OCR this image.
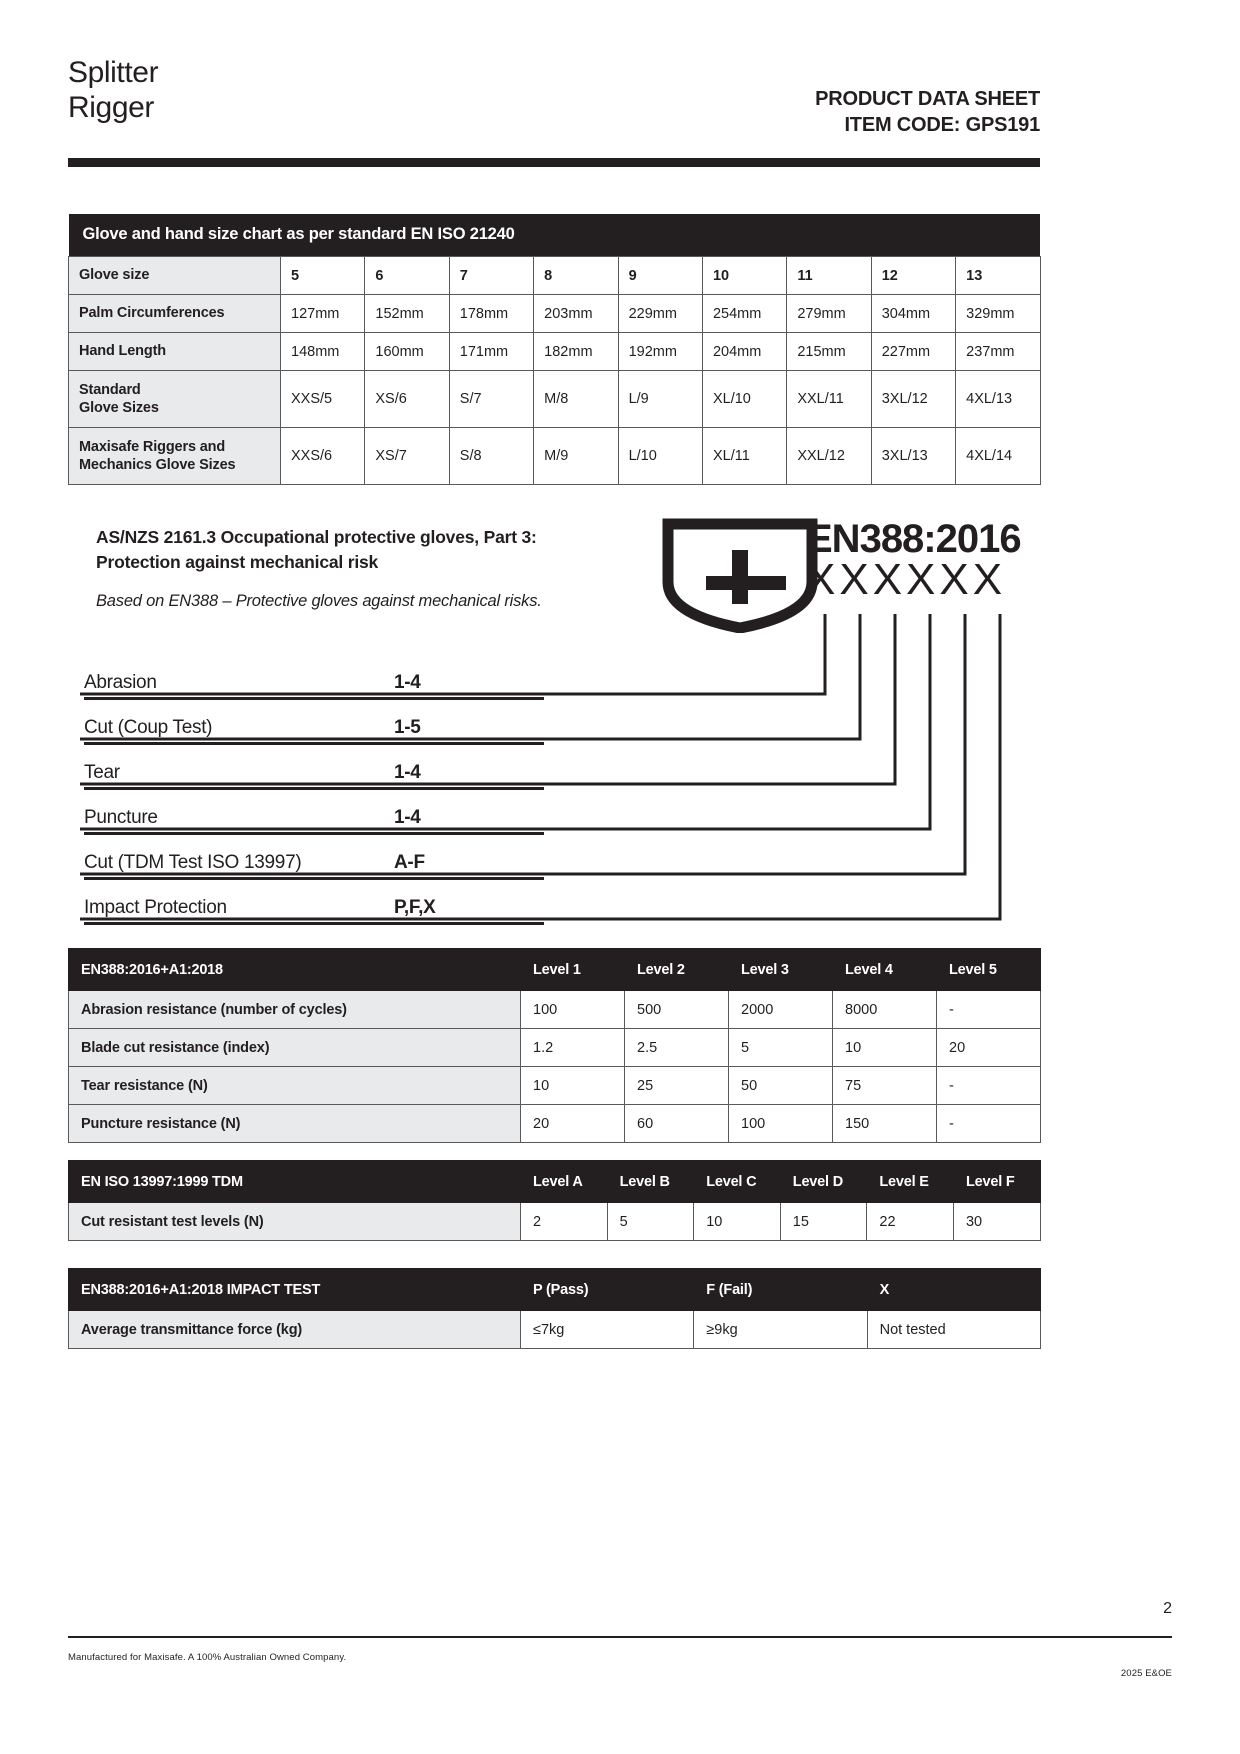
Splitter
Rigger	PRODUCT DATA SHEET
ITEM CODE: GPS191
Glove and hand size chart as per standard EN ISO 21240									
Glove size	5	6	7	8	9	10	11	12	13
Palm Circumferences	127mm	152mm	178mm	203mm	229mm	254mm	279mm	304mm	329mm
Hand Length	148mm	160mm	171mm	182mm	192mm	204mm	215mm	227mm	237mm
Standard
Glove Sizes	XXS/5	XS/6	S/7	M/8	L/9	XL/10	XXL/11	3XL/12	4XL/13
Maxisafe Riggers and
Mechanics Glove Sizes	XXS/6	XS/7	S/8	M/9	L/10	XL/11	XXL/12	3XL/13	4XL/14
AS/NZS 2161.3 Occupational protective gloves, Part 3:
Protection against mechanical risk
Based on EN388 – Protective gloves against mechanical risks.
EN388:2016
XXXXXX
Abrasion	1-4
Cut (Coup Test)	1-5
Tear	1-4
Puncture	1-4
Cut (TDM Test ISO 13997)	A-F
Impact Protection	P,F,X
EN388:2016+A1:2018	Level 1	Level 2	Level 3	Level 4	Level 5
Abrasion resistance (number of cycles)	100	500	2000	8000	-
Blade cut resistance (index)	1.2	2.5	5	10	20
Tear resistance (N)	10	25	50	75	-
Puncture resistance (N)	20	60	100	150	-
EN ISO 13997:1999 TDM	Level A	Level B	Level C	Level D	Level E	Level F
Cut resistant test levels (N)	2	5	10	15	22	30
EN388:2016+A1:2018 IMPACT TEST	P (Pass)	F (Fail)	X
Average transmittance force (kg)	≤7kg	≥9kg	Not tested
2
Manufactured for Maxisafe. A 100% Australian Owned Company.
2025 E&OE
